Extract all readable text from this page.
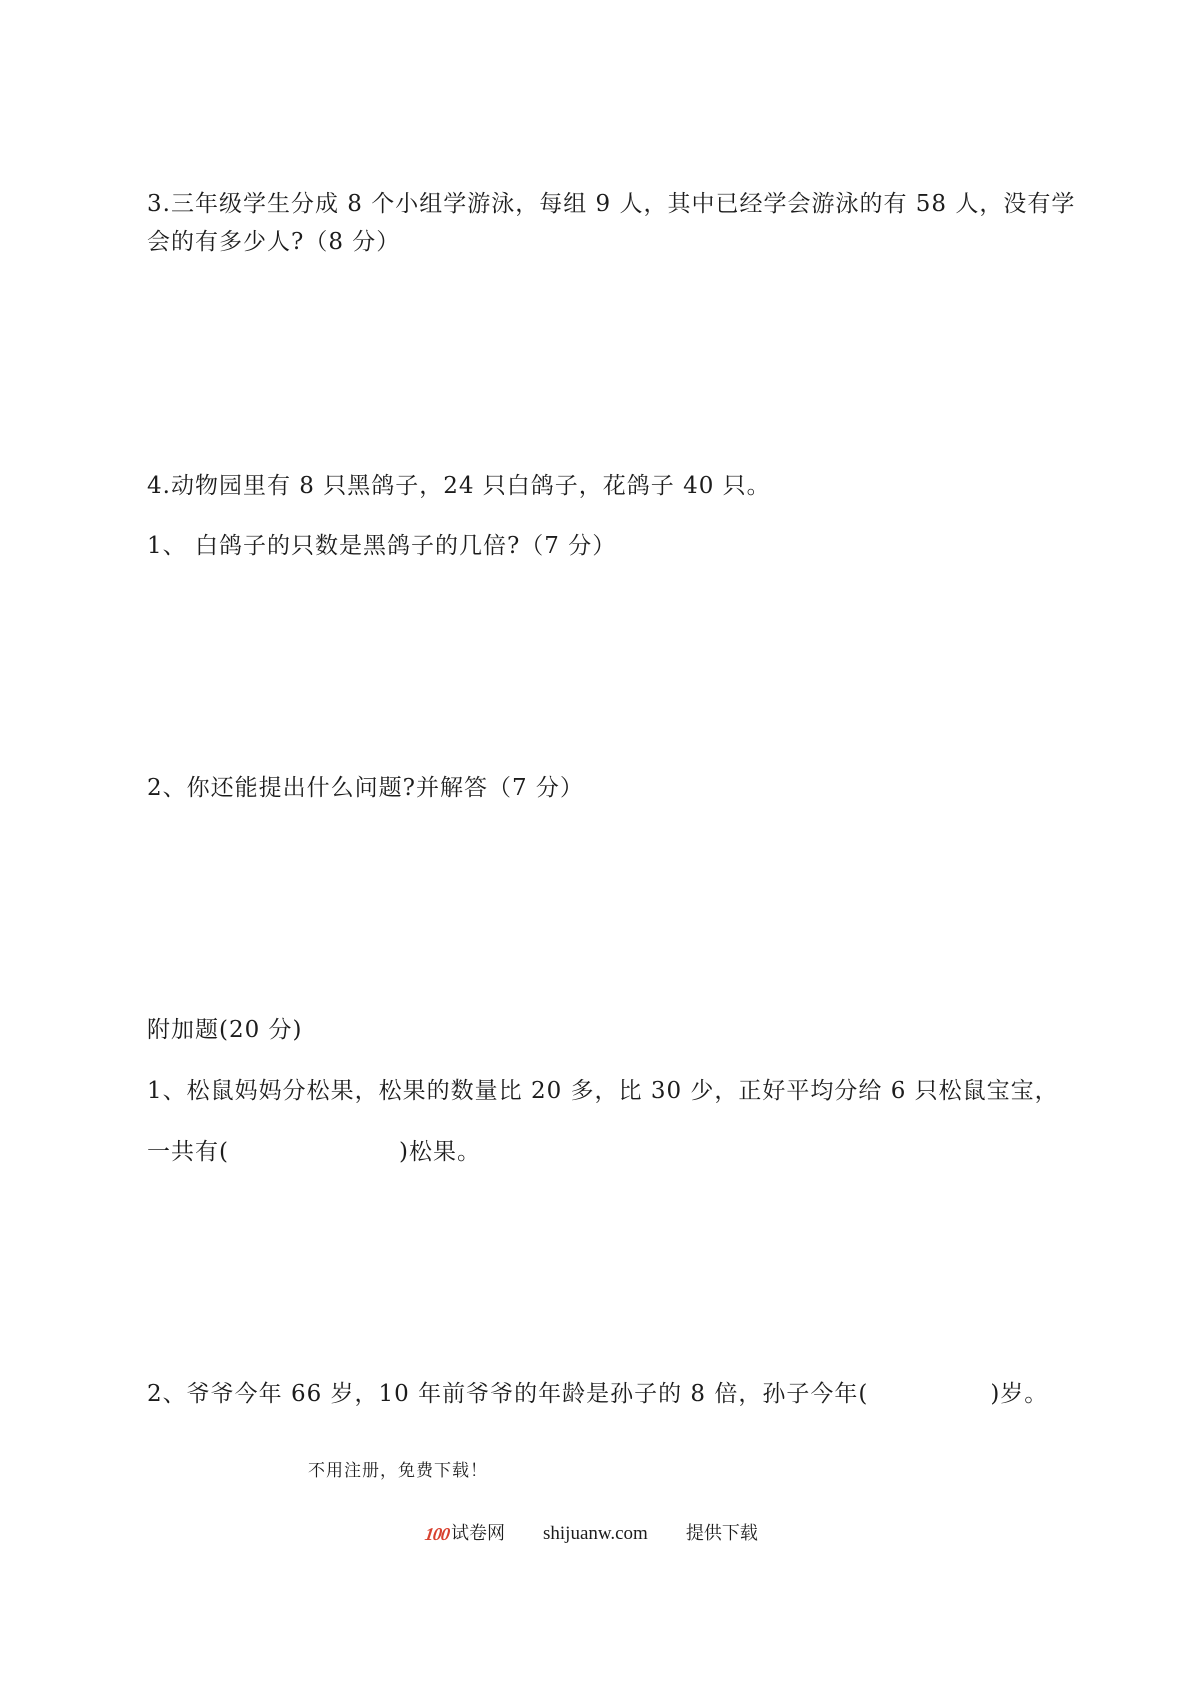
3.三年级学生分成 8 个小组学游泳，每组 9 人，其中已经学会游泳的有 58 人，没有学
会的有多少人?（8 分）
4.动物园里有 8 只黑鸽子，24 只白鸽子，花鸽子 40 只。
1、 白鸽子的只数是黑鸽子的几倍?（7 分）
2、你还能提出什么问题?并解答（7 分）
附加题(20 分)
1、松鼠妈妈分松果，松果的数量比 20 多，比 30 少，正好平均分给 6 只松鼠宝宝，
一共有(	)松果。
2、爷爷今年 66 岁，10 年前爷爷的年龄是孙子的 8 倍，孙子今年(	)岁。
不用注册，免费下载！
100 试卷网 shijuanw.com 提供下载
